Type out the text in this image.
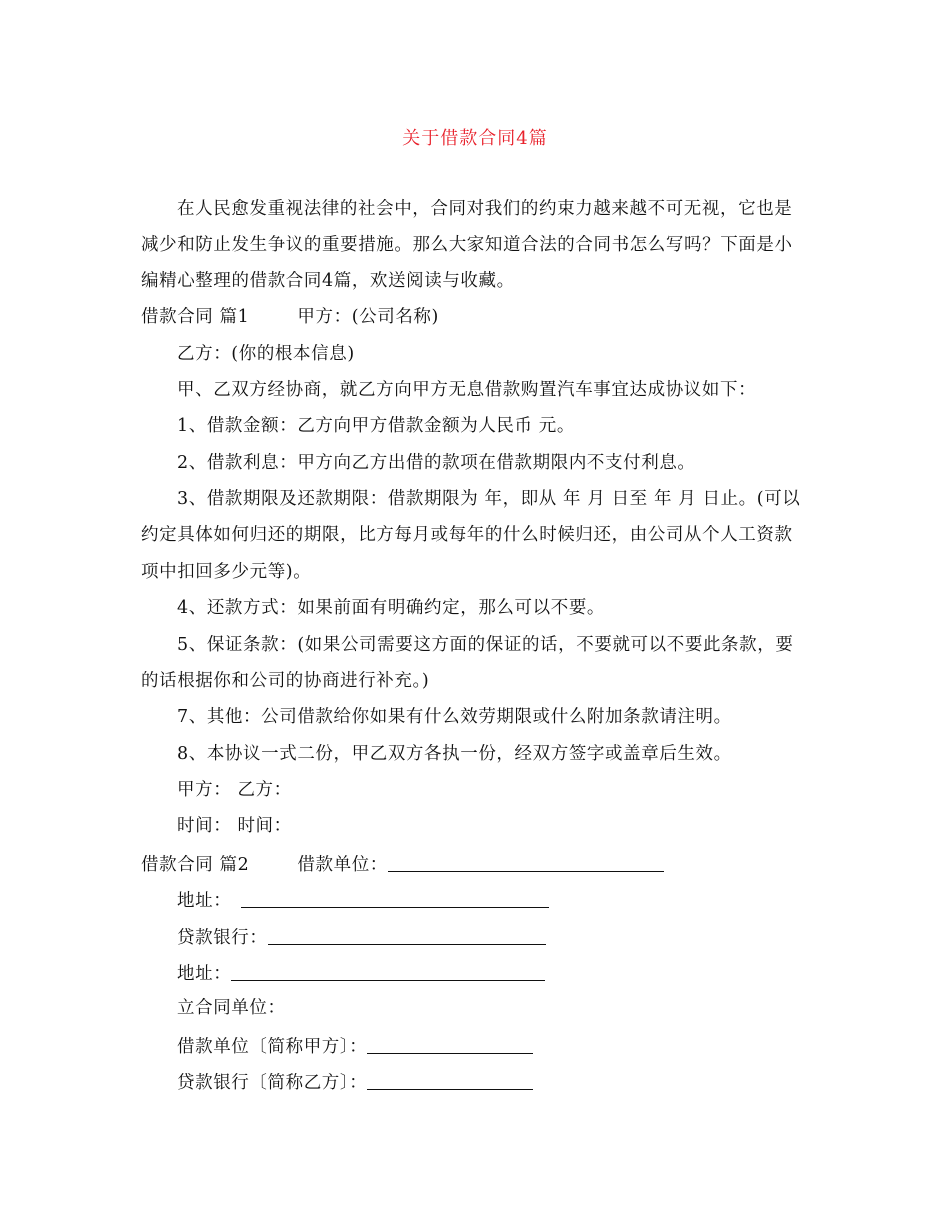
关于借款合同4篇
在人民愈发重视法律的社会中，合同对我们的约束力越来越不可无视，它也是
减少和防止发生争议的重要措施。那么大家知道合法的合同书怎么写吗？下面是小
编精心整理的借款合同4篇，欢送阅读与收藏。
借款合同 篇1	甲方：(公司名称)
乙方：(你的根本信息)
甲、乙双方经协商，就乙方向甲方无息借款购置汽车事宜达成协议如下：
1、借款金额：乙方向甲方借款金额为人民币 元。
2、借款利息：甲方向乙方出借的款项在借款期限内不支付利息。
3、借款期限及还款期限：借款期限为 年，即从 年 月 日至 年 月 日止。(可以
约定具体如何归还的期限，比方每月或每年的什么时候归还，由公司从个人工资款
项中扣回多少元等)。
4、还款方式：如果前面有明确约定，那么可以不要。
5、保证条款：(如果公司需要这方面的保证的话，不要就可以不要此条款，要
的话根据你和公司的协商进行补充。)
7、其他：公司借款给你如果有什么效劳期限或什么附加条款请注明。
8、本协议一式二份，甲乙双方各执一份，经双方签字或盖章后生效。
甲方： 乙方：
时间： 时间：
借款合同 篇2	借款单位：
地址：
贷款银行：
地址：
立合同单位：
借款单位〔简称甲方〕：
贷款银行〔简称乙方〕：
